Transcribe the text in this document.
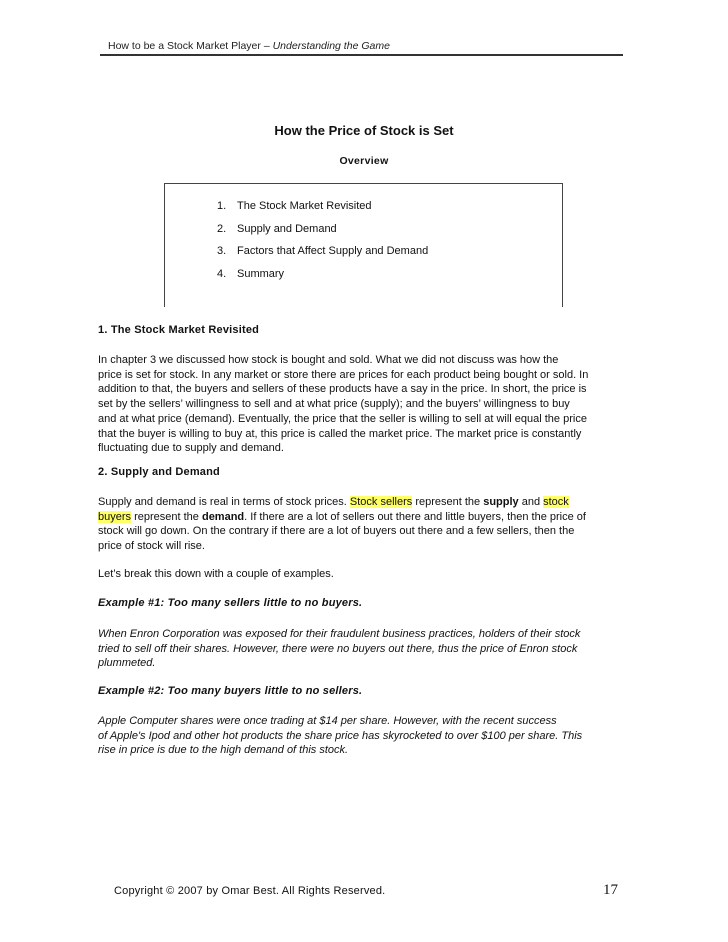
How to be a Stock Market Player – Understanding the Game
How the Price of Stock is Set
Overview
1. The Stock Market Revisited
2. Supply and Demand
3. Factors that Affect Supply and Demand
4. Summary
1. The Stock Market Revisited
In chapter 3 we discussed how stock is bought and sold. What we did not discuss was how the
price is set for stock. In any market or store there are prices for each product being bought or sold. In
addition to that, the buyers and sellers of these products have a say in the price. In short, the price is
set by the sellers’ willingness to sell and at what price (supply); and the buyers’ willingness to buy
and at what price (demand). Eventually, the price that the seller is willing to sell at will equal the price
that the buyer is willing to buy at, this price is called the market price. The market price is constantly
fluctuating due to supply and demand.
2. Supply and Demand
Supply and demand is real in terms of stock prices. Stock sellers represent the supply and stock
buyers represent the demand. If there are a lot of sellers out there and little buyers, then the price of
stock will go down. On the contrary if there are a lot of buyers out there and a few sellers, then the
price of stock will rise.
Let’s break this down with a couple of examples.
Example #1: Too many sellers little to no buyers.
When Enron Corporation was exposed for their fraudulent business practices, holders of their stock
tried to sell off their shares. However, there were no buyers out there, thus the price of Enron stock
plummeted.
Example #2: Too many buyers little to no sellers.
Apple Computer shares were once trading at $14 per share. However, with the recent success
of Apple's Ipod and other hot products the share price has skyrocketed to over $100 per share. This
rise in price is due to the high demand of this stock.
Copyright © 2007 by Omar Best. All Rights Reserved.	17
